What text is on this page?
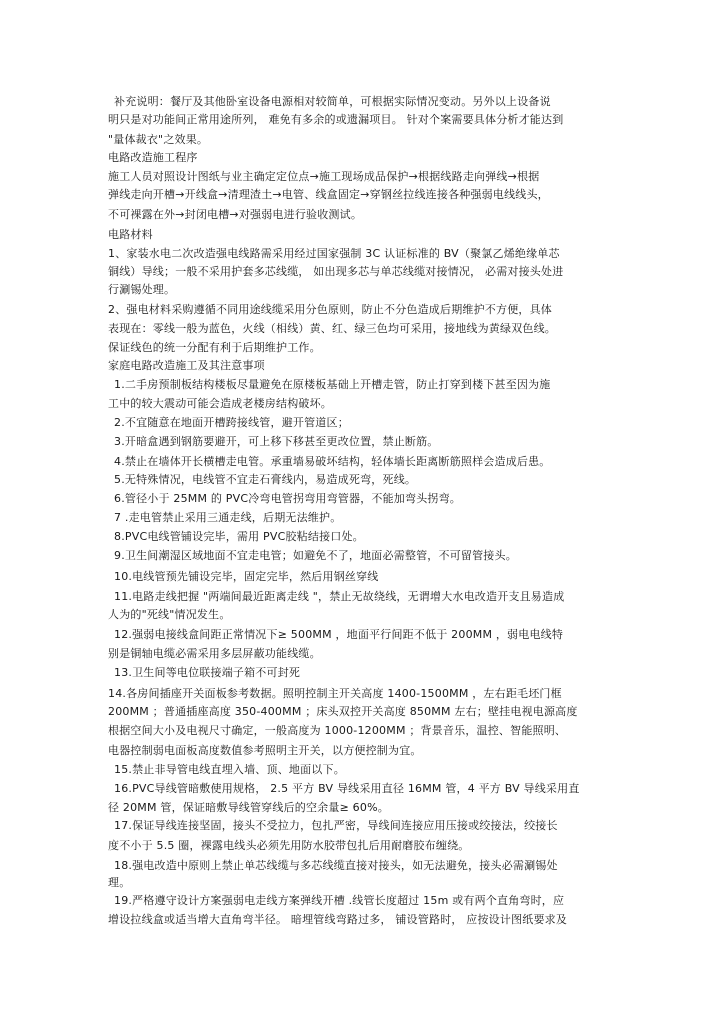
补充说明：餐厅及其他卧室设备电源相对较简单，可根据实际情况变动。另外以上设备说
明只是对功能间正常用途所列， 难免有多余的或遗漏项目。 针对个案需要具体分析才能达到
"量体裁衣"之效果。
电路改造施工程序
施工人员对照设计图纸与业主确定定位点→施工现场成品保护→根据线路走向弹线→根据
弹线走向开槽→开线盒→清理渣土→电管、线盒固定→穿钢丝拉线连接各种强弱电线线头，
不可裸露在外→封闭电槽→对强弱电进行验收测试。
电路材料
1、家装水电二次改造强电线路需采用经过国家强制 3C 认证标准的 BV（聚氯乙烯绝缘单芯
铜线）导线；一般不采用护套多芯线缆， 如出现多芯与单芯线缆对接情况， 必需对接头处进
行涮锡处理。
2、强电材料采购遵循不同用途线缆采用分色原则，防止不分色造成后期维护不方便，具体
表现在：零线一般为蓝色，火线（相线）黄、红、绿三色均可采用，接地线为黄绿双色线。
保证线色的统一分配有利于后期维护工作。
家庭电路改造施工及其注意事项
1.二手房预制板结构楼板尽量避免在原楼板基础上开槽走管，防止打穿到楼下甚至因为施
工中的较大震动可能会造成老楼房结构破坏。
2.不宜随意在地面开槽跨接线管，避开管道区；
3.开暗盒遇到钢筋要避开，可上移下移甚至更改位置，禁止断筋。
4.禁止在墙体开长横槽走电管。承重墙易破坏结构，轻体墙长距离断筋照样会造成后患。
5.无特殊情况，电线管不宜走石膏线内，易造成死弯，死线。
6.管径小于 25MM 的 PVC冷弯电管拐弯用弯管器，不能加弯头拐弯。
7 .走电管禁止采用三通走线，后期无法维护。
8.PVC电线管铺设完毕，需用 PVC胶粘结接口处。
9.卫生间潮湿区域地面不宜走电管；如避免不了，地面必需整管，不可留管接头。
10.电线管预先铺设完毕，固定完毕，然后用钢丝穿线
11.电路走线把握 "两端间最近距离走线 "，禁止无故绕线，无谓增大水电改造开支且易造成
人为的"死线"情况发生。
12.强弱电接线盒间距正常情况下≥ 500MM ，地面平行间距不低于 200MM ，弱电电线特
别是铜轴电缆必需采用多层屏蔽功能线缆。
13.卫生间等电位联接端子箱不可封死
14.各房间插座开关面板参考数据。照明控制主开关高度 1400-1500MM ，左右距毛坯门框
200MM ；普通插座高度 350-400MM ；床头双控开关高度 850MM 左右；壁挂电视电源高度
根据空间大小及电视尺寸确定，一般高度为 1000-1200MM ；背景音乐，温控、智能照明、
电器控制弱电面板高度数值参考照明主开关，以方便控制为宜。
15.禁止非导管电线直埋入墙、顶、地面以下。
16.PVC导线管暗敷使用规格， 2.5 平方 BV 导线采用直径 16MM 管，4 平方 BV 导线采用直
径 20MM 管，保证暗敷导线管穿线后的空余量≥ 60%。
17.保证导线连接坚固，接头不受拉力，包扎严密，导线间连接应用压接或绞接法，绞接长
度不小于 5.5 圈，裸露电线头必须先用防水胶带包扎后用耐磨胶布缠绕。
18.强电改造中原则上禁止单芯线缆与多芯线缆直接对接头，如无法避免，接头必需涮锡处
理。
19.严格遵守设计方案强弱电走线方案弹线开槽 .线管长度超过 15m 或有两个直角弯时，应
增设拉线盒或适当增大直角弯半径。 暗埋管线弯路过多， 铺设管路时， 应按设计图纸要求及
